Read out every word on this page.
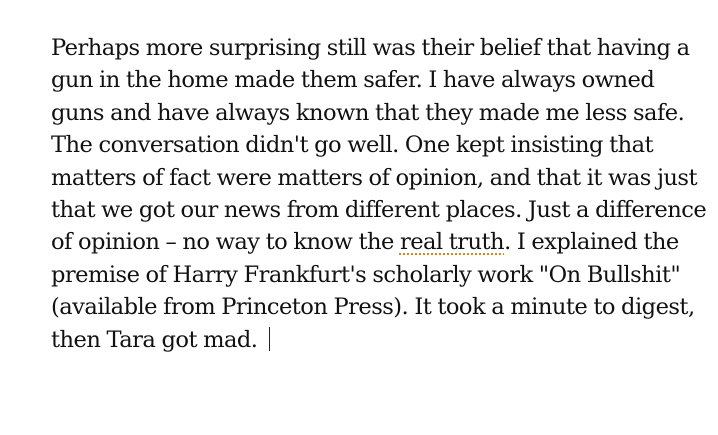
Perhaps more surprising still was their belief that having a
gun in the home made them safer. I have always owned
guns and have always known that they made me less safe.
The conversation didn't go well. One kept insisting that
matters of fact were matters of opinion, and that it was just
that we got our news from different places. Just a difference
of opinion – no way to know the real truth. I explained the
premise of Harry Frankfurt's scholarly work "On Bullshit"
(available from Princeton Press). It took a minute to digest,
then Tara got mad.
